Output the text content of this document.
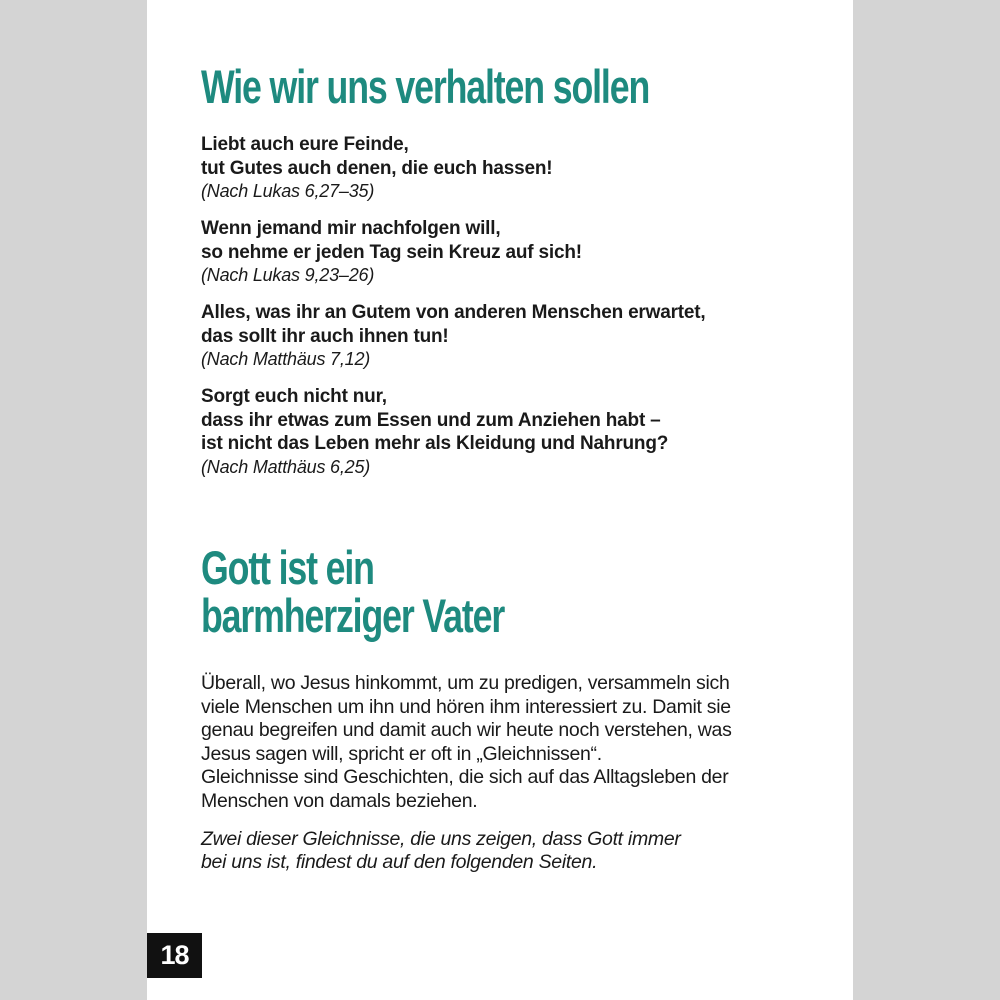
Wie wir uns verhalten sollen
Liebt auch eure Feinde,
tut Gutes auch denen, die euch hassen!
(Nach Lukas 6,27–35)
Wenn jemand mir nachfolgen will,
so nehme er jeden Tag sein Kreuz auf sich!
(Nach Lukas 9,23–26)
Alles, was ihr an Gutem von anderen Menschen erwartet,
das sollt ihr auch ihnen tun!
(Nach Matthäus 7,12)
Sorgt euch nicht nur,
dass ihr etwas zum Essen und zum Anziehen habt –
ist nicht das Leben mehr als Kleidung und Nahrung?
(Nach Matthäus 6,25)
Gott ist ein
barmherziger Vater
Überall, wo Jesus hinkommt, um zu predigen, versammeln sich
viele Menschen um ihn und hören ihm interessiert zu. Damit sie
genau begreifen und damit auch wir heute noch verstehen, was
Jesus sagen will, spricht er oft in „Gleichnissen“.
Gleichnisse sind Geschichten, die sich auf das Alltagsleben der
Menschen von damals beziehen.
Zwei dieser Gleichnisse, die uns zeigen, dass Gott immer
bei uns ist, findest du auf den folgenden Seiten.
18
